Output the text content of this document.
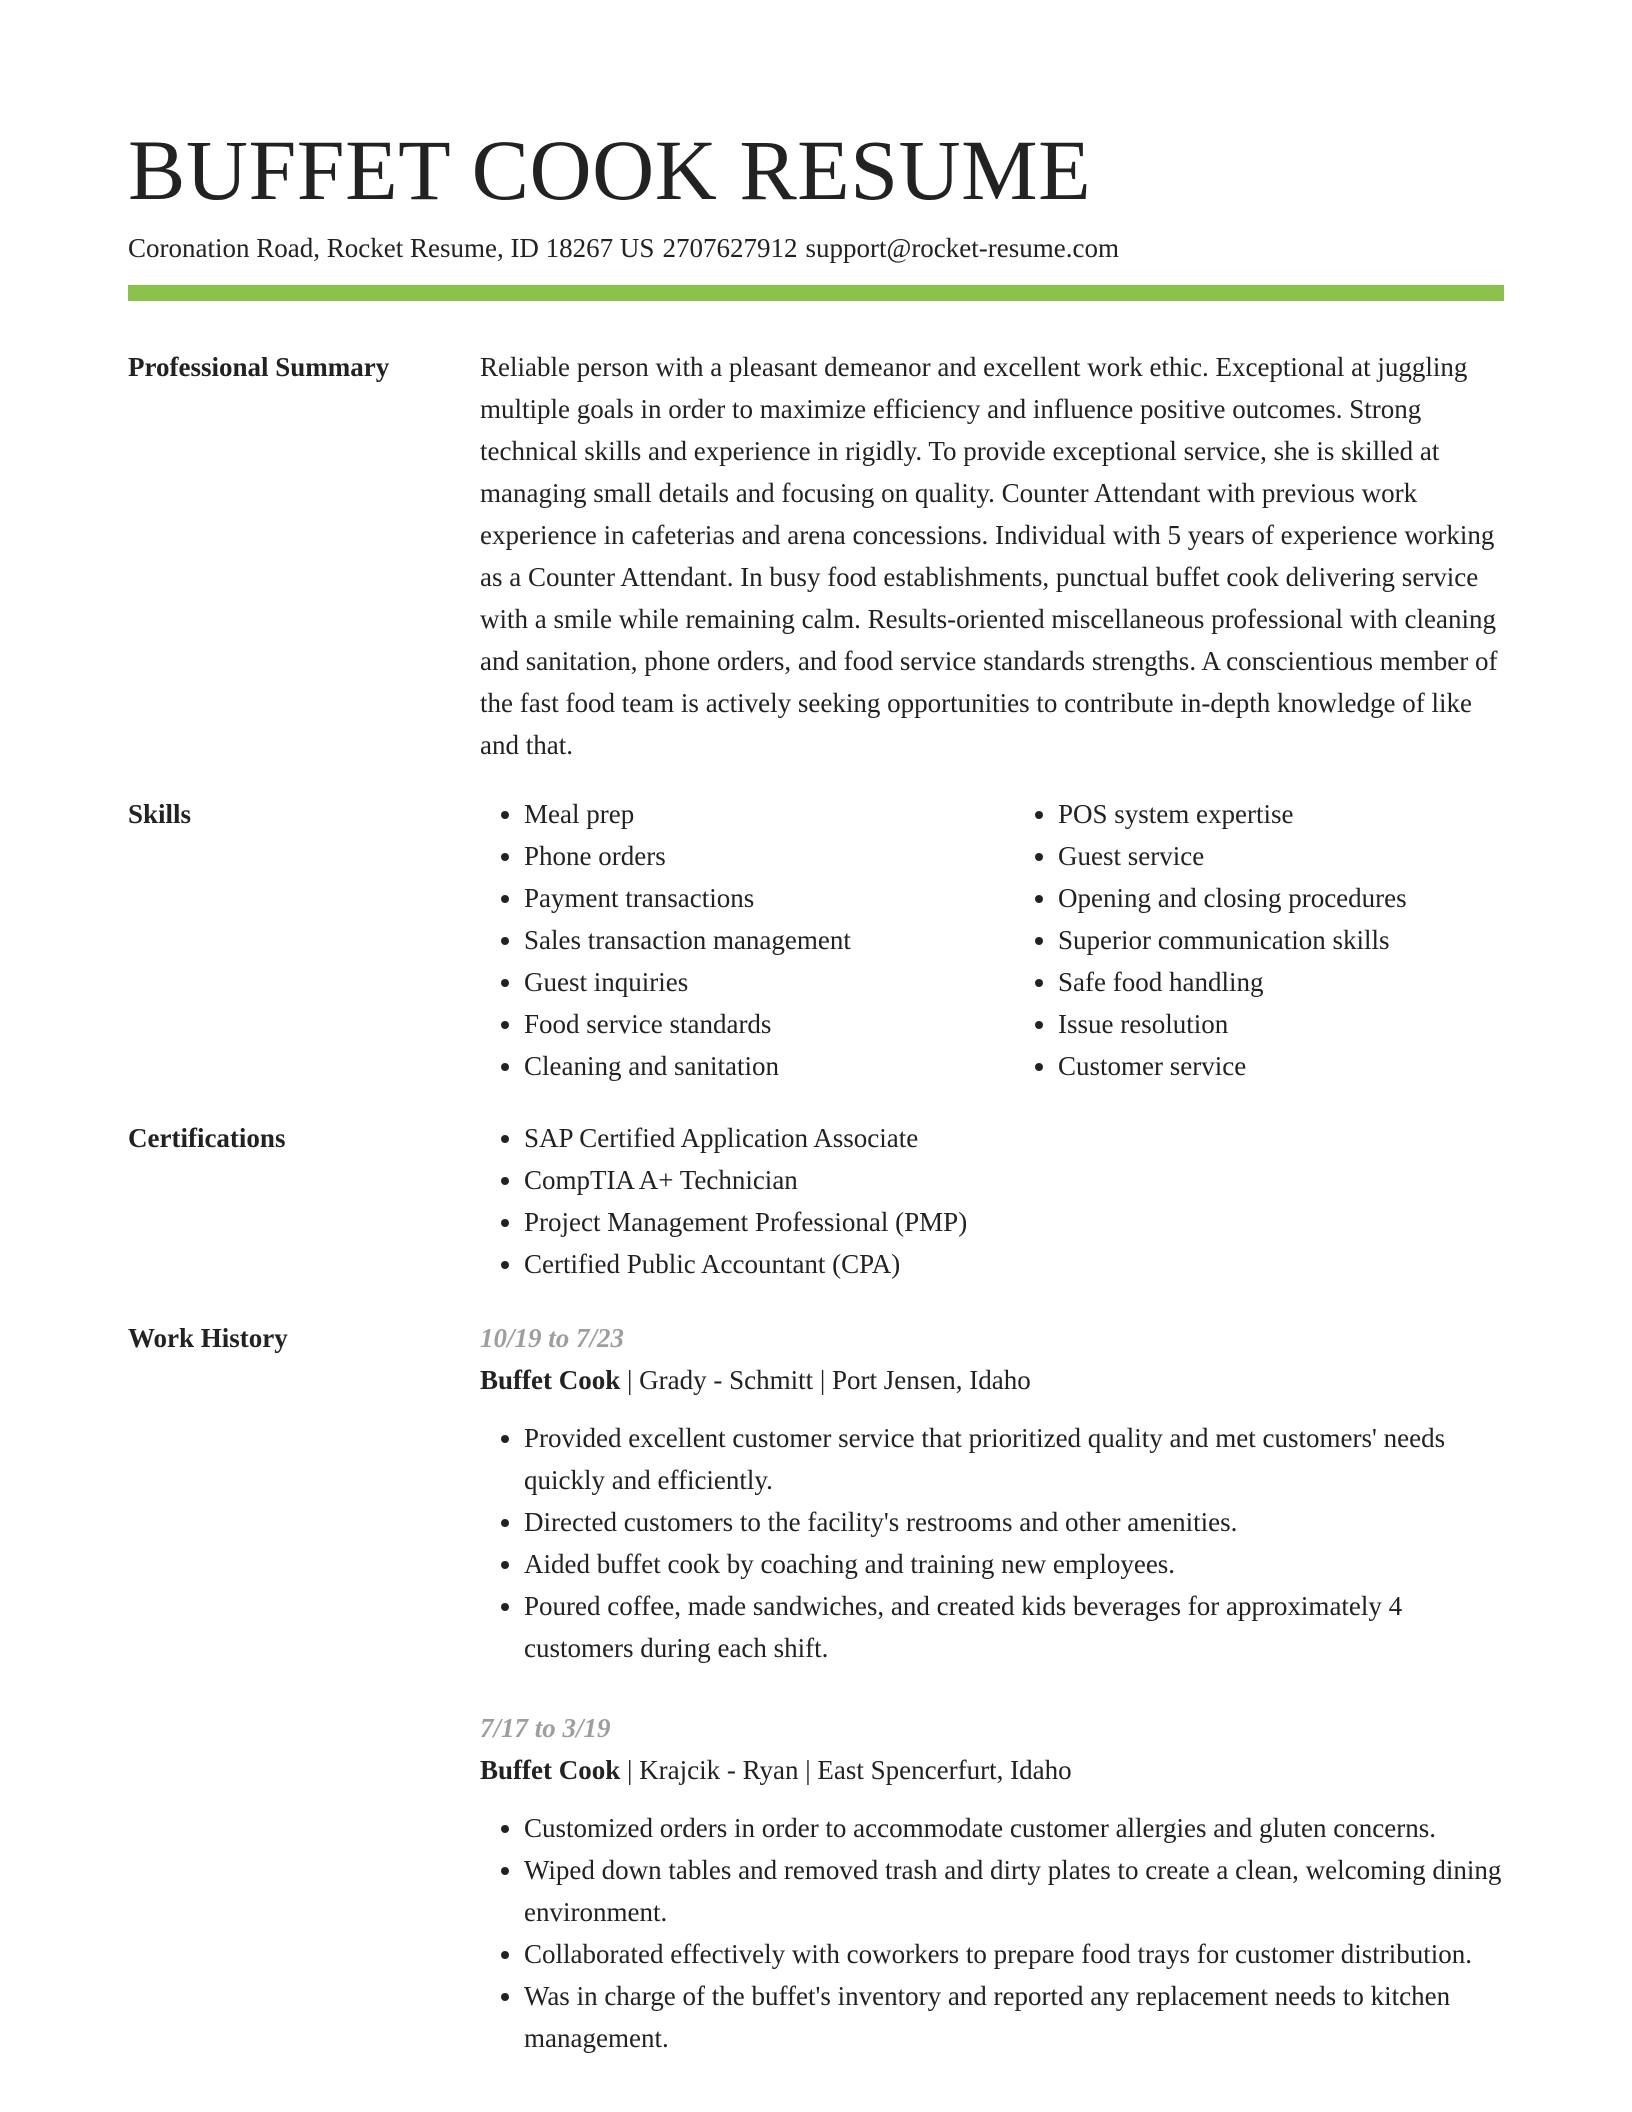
BUFFET COOK RESUME
Coronation Road, Rocket Resume, ID 18267 US 2707627912 support@rocket-resume.com
Professional Summary	Reliable person with a pleasant demeanor and excellent work ethic. Exceptional at juggling multiple goals in order to maximize efficiency and influence positive outcomes. Strong technical skills and experience in rigidly. To provide exceptional service, she is skilled at managing small details and focusing on quality. Counter Attendant with previous work experience in cafeterias and arena concessions. Individual with 5 years of experience working as a Counter Attendant. In busy food establishments, punctual buffet cook delivering service with a smile while remaining calm. Results-oriented miscellaneous professional with cleaning and sanitation, phone orders, and food service standards strengths. A conscientious member of the fast food team is actively seeking opportunities to contribute in-depth knowledge of like and that.
Skills	• Meal prep
• Phone orders
• Payment transactions
• Sales transaction management
• Guest inquiries
• Food service standards
• Cleaning and sanitation
• POS system expertise
• Guest service
• Opening and closing procedures
• Superior communication skills
• Safe food handling
• Issue resolution
• Customer service
Certifications	• SAP Certified Application Associate
• CompTIA A+ Technician
• Project Management Professional (PMP)
• Certified Public Accountant (CPA)
Work History	10/19 to 7/23
Buffet Cook | Grady - Schmitt | Port Jensen, Idaho
• Provided excellent customer service that prioritized quality and met customers' needs quickly and efficiently.
• Directed customers to the facility's restrooms and other amenities.
• Aided buffet cook by coaching and training new employees.
• Poured coffee, made sandwiches, and created kids beverages for approximately 4 customers during each shift.
7/17 to 3/19
Buffet Cook | Krajcik - Ryan | East Spencerfurt, Idaho
• Customized orders in order to accommodate customer allergies and gluten concerns.
• Wiped down tables and removed trash and dirty plates to create a clean, welcoming dining environment.
• Collaborated effectively with coworkers to prepare food trays for customer distribution.
• Was in charge of the buffet's inventory and reported any replacement needs to kitchen management.
